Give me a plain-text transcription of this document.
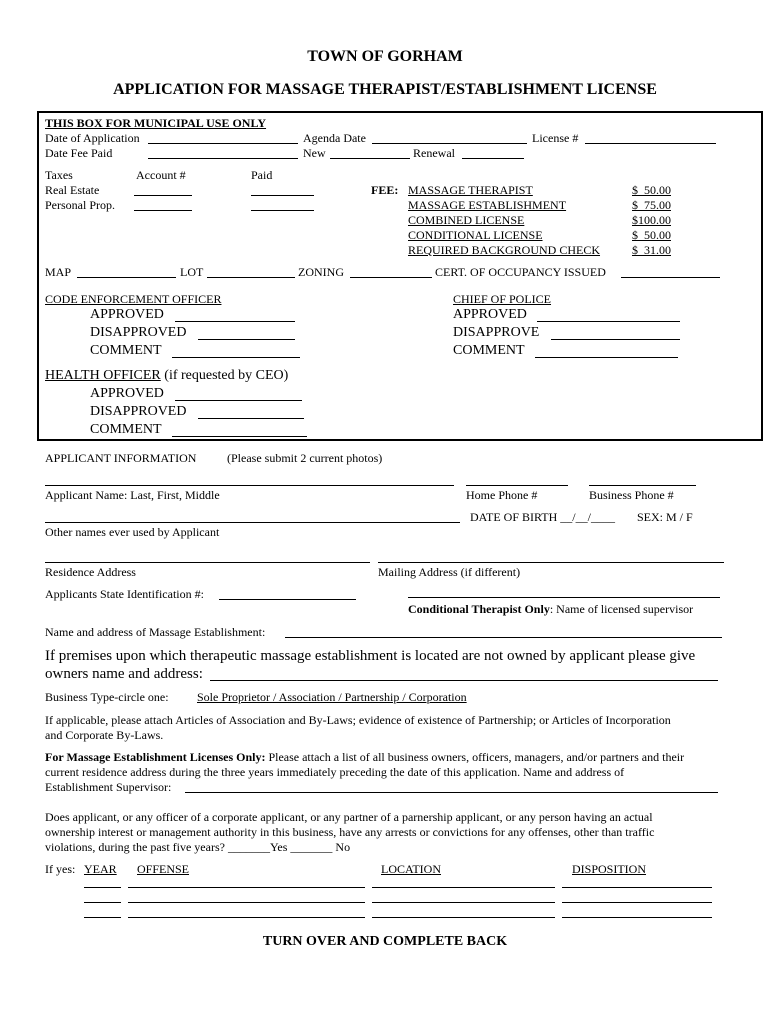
TOWN OF GORHAM
APPLICATION FOR MASSAGE THERAPIST/ESTABLISHMENT LICENSE
THIS BOX FOR MUNICIPAL USE ONLY
Date of Application	Agenda Date	License #
Date Fee Paid	New	Renewal
Taxes	Account #	Paid
Real Estate
Personal Prop.
FEE: MASSAGE THERAPIST	$  50.00
MASSAGE ESTABLISHMENT	$  75.00
COMBINED LICENSE	$100.00
CONDITIONAL LICENSE	$  50.00
REQUIRED BACKGROUND CHECK	$  31.00
MAP	LOT	ZONING	CERT. OF OCCUPANCY ISSUED
CODE ENFORCEMENT OFFICER	CHIEF OF POLICE
APPROVED
DISAPPROVED
COMMENT
APPROVED
DISAPPROVE
COMMENT
HEALTH OFFICER (if requested by CEO)
APPROVED
DISAPPROVED
COMMENT
APPLICANT INFORMATION	(Please submit 2 current photos)
Applicant Name: Last, First, Middle	Home Phone #	Business Phone #
DATE OF BIRTH __/__/____ SEX: M / F
Other names ever used by Applicant
Residence Address	Mailing Address (if different)
Applicants State Identification #:
Conditional Therapist Only: Name of licensed supervisor
Name and address of Massage Establishment:
If premises upon which therapeutic massage establishment is located are not owned by applicant please give
owners name and address:
Business Type-circle one: Sole Proprietor / Association / Partnership / Corporation
If applicable, please attach Articles of Association and By-Laws; evidence of existence of Partnership; or Articles of Incorporation
and Corporate By-Laws.
For Massage Establishment Licenses Only: Please attach a list of all business owners, officers, managers, and/or partners and their
current residence address during the three years immediately preceding the date of this application. Name and address of
Establishment Supervisor:
Does applicant, or any officer of a corporate applicant, or any partner of a parnership applicant, or any person having an actual
ownership interest or management authority in this business, have any arrests or convictions for any offenses, other than traffic
violations, during the past five years? _______Yes _______ No
If yes: YEAR OFFENSE	LOCATION	DISPOSITION
TURN OVER AND COMPLETE BACK
